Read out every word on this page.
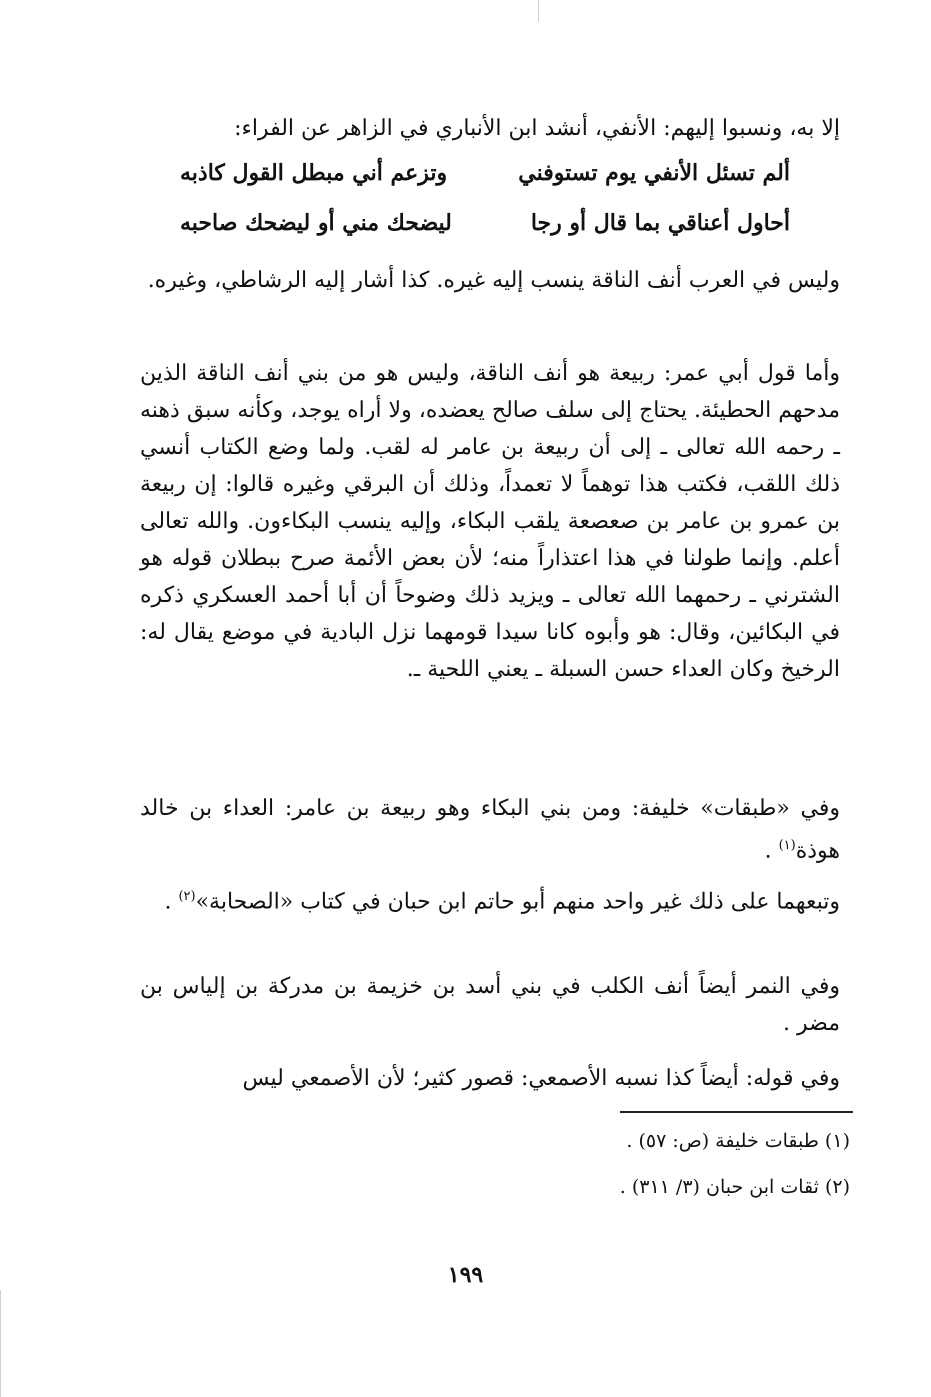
إلا به، ونسبوا إليهم: الأنفي، أنشد ابن الأنباري في الزاهر عن الفراء:
ألم تسئل الأنفي يوم تستوفني
وتزعم أني مبطل القول كاذبه
أحاول أعناقي بما قال أو رجا
ليضحك مني أو ليضحك صاحبه
وليس في العرب أنف الناقة ينسب إليه غيره. كذا أشار إليه الرشاطي، وغيره.
وأما قول أبي عمر: ربيعة هو أنف الناقة، وليس هو من بني أنف الناقة الذين مدحهم الحطيئة. يحتاج إلى سلف صالح يعضده، ولا أراه يوجد، وكأنه سبق ذهنه ـ رحمه الله تعالى ـ إلى أن ربيعة بن عامر له لقب. ولما وضع الكتاب أنسي ذلك اللقب، فكتب هذا توهماً لا تعمداً، وذلك أن البرقي وغيره قالوا: إن ربيعة بن عمرو بن عامر بن صعصعة يلقب البكاء، وإليه ينسب البكاءون. والله تعالى أعلم. وإنما طولنا في هذا اعتذاراً منه؛ لأن بعض الأئمة صرح ببطلان قوله هو الشترني ـ رحمهما الله تعالى ـ ويزيد ذلك وضوحاً أن أبا أحمد العسكري ذكره في البكائين، وقال: هو وأبوه كانا سيدا قومهما نزل البادية في موضع يقال له: الرخيخ وكان العداء حسن السبلة ـ يعني اللحية ـ.
وفي «طبقات» خليفة: ومن بني البكاء وهو ربيعة بن عامر: العداء بن خالد هوذة$^{(١)}$ .
وتبعهما على ذلك غير واحد منهم أبو حاتم ابن حبان في كتاب «الصحابة»$^{(٢)}$ .
وفي النمر أيضاً أنف الكلب في بني أسد بن خزيمة بن مدركة بن إلياس بن مضر .
وفي قوله: أيضاً كذا نسبه الأصمعي: قصور كثير؛ لأن الأصمعي ليس
(١) طبقات خليفة (ص: ٥٧) .
(٢) ثقات ابن حبان (٣/ ٣١١) .
١٩٩
